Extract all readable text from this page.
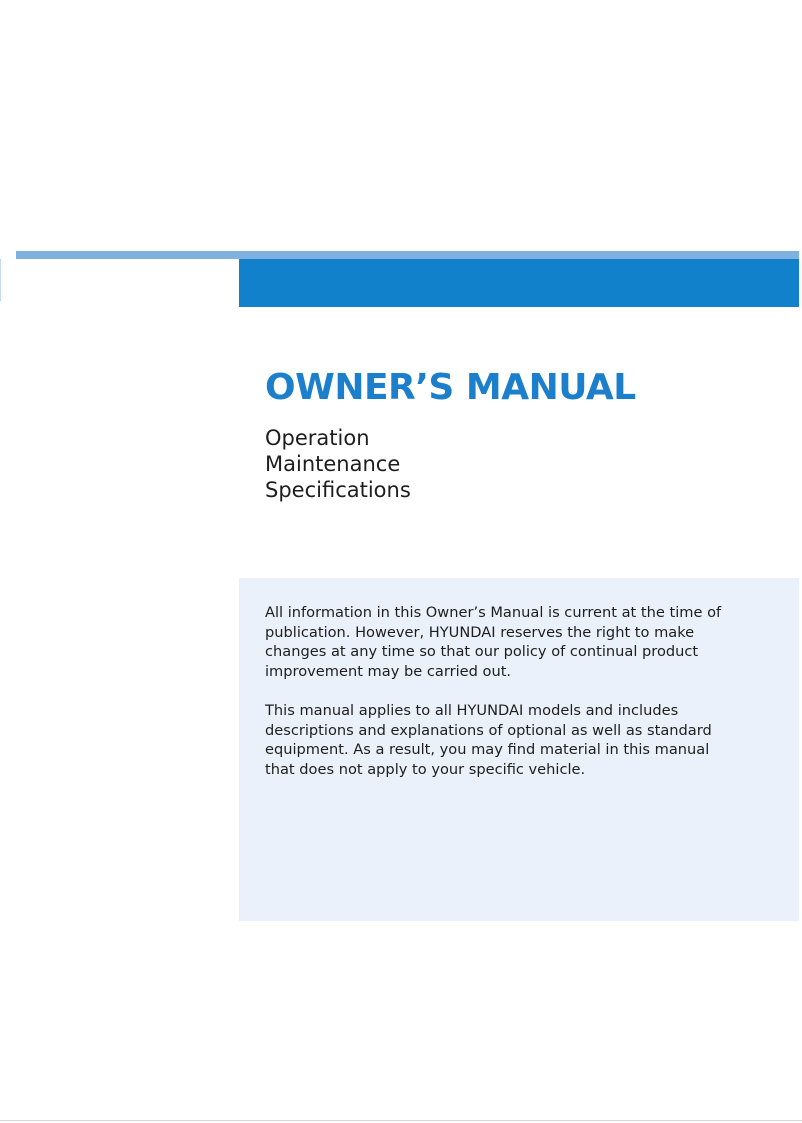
OWNER’S MANUAL
Operation
Maintenance
Specifications

All information in this Owner’s Manual is current at the time of publication. However, HYUNDAI reserves the right to make changes at any time so that our policy of continual product improvement may be carried out.

This manual applies to all HYUNDAI models and includes descriptions and explanations of optional as well as standard equipment. As a result, you may find material in this manual that does not apply to your specific vehicle.
